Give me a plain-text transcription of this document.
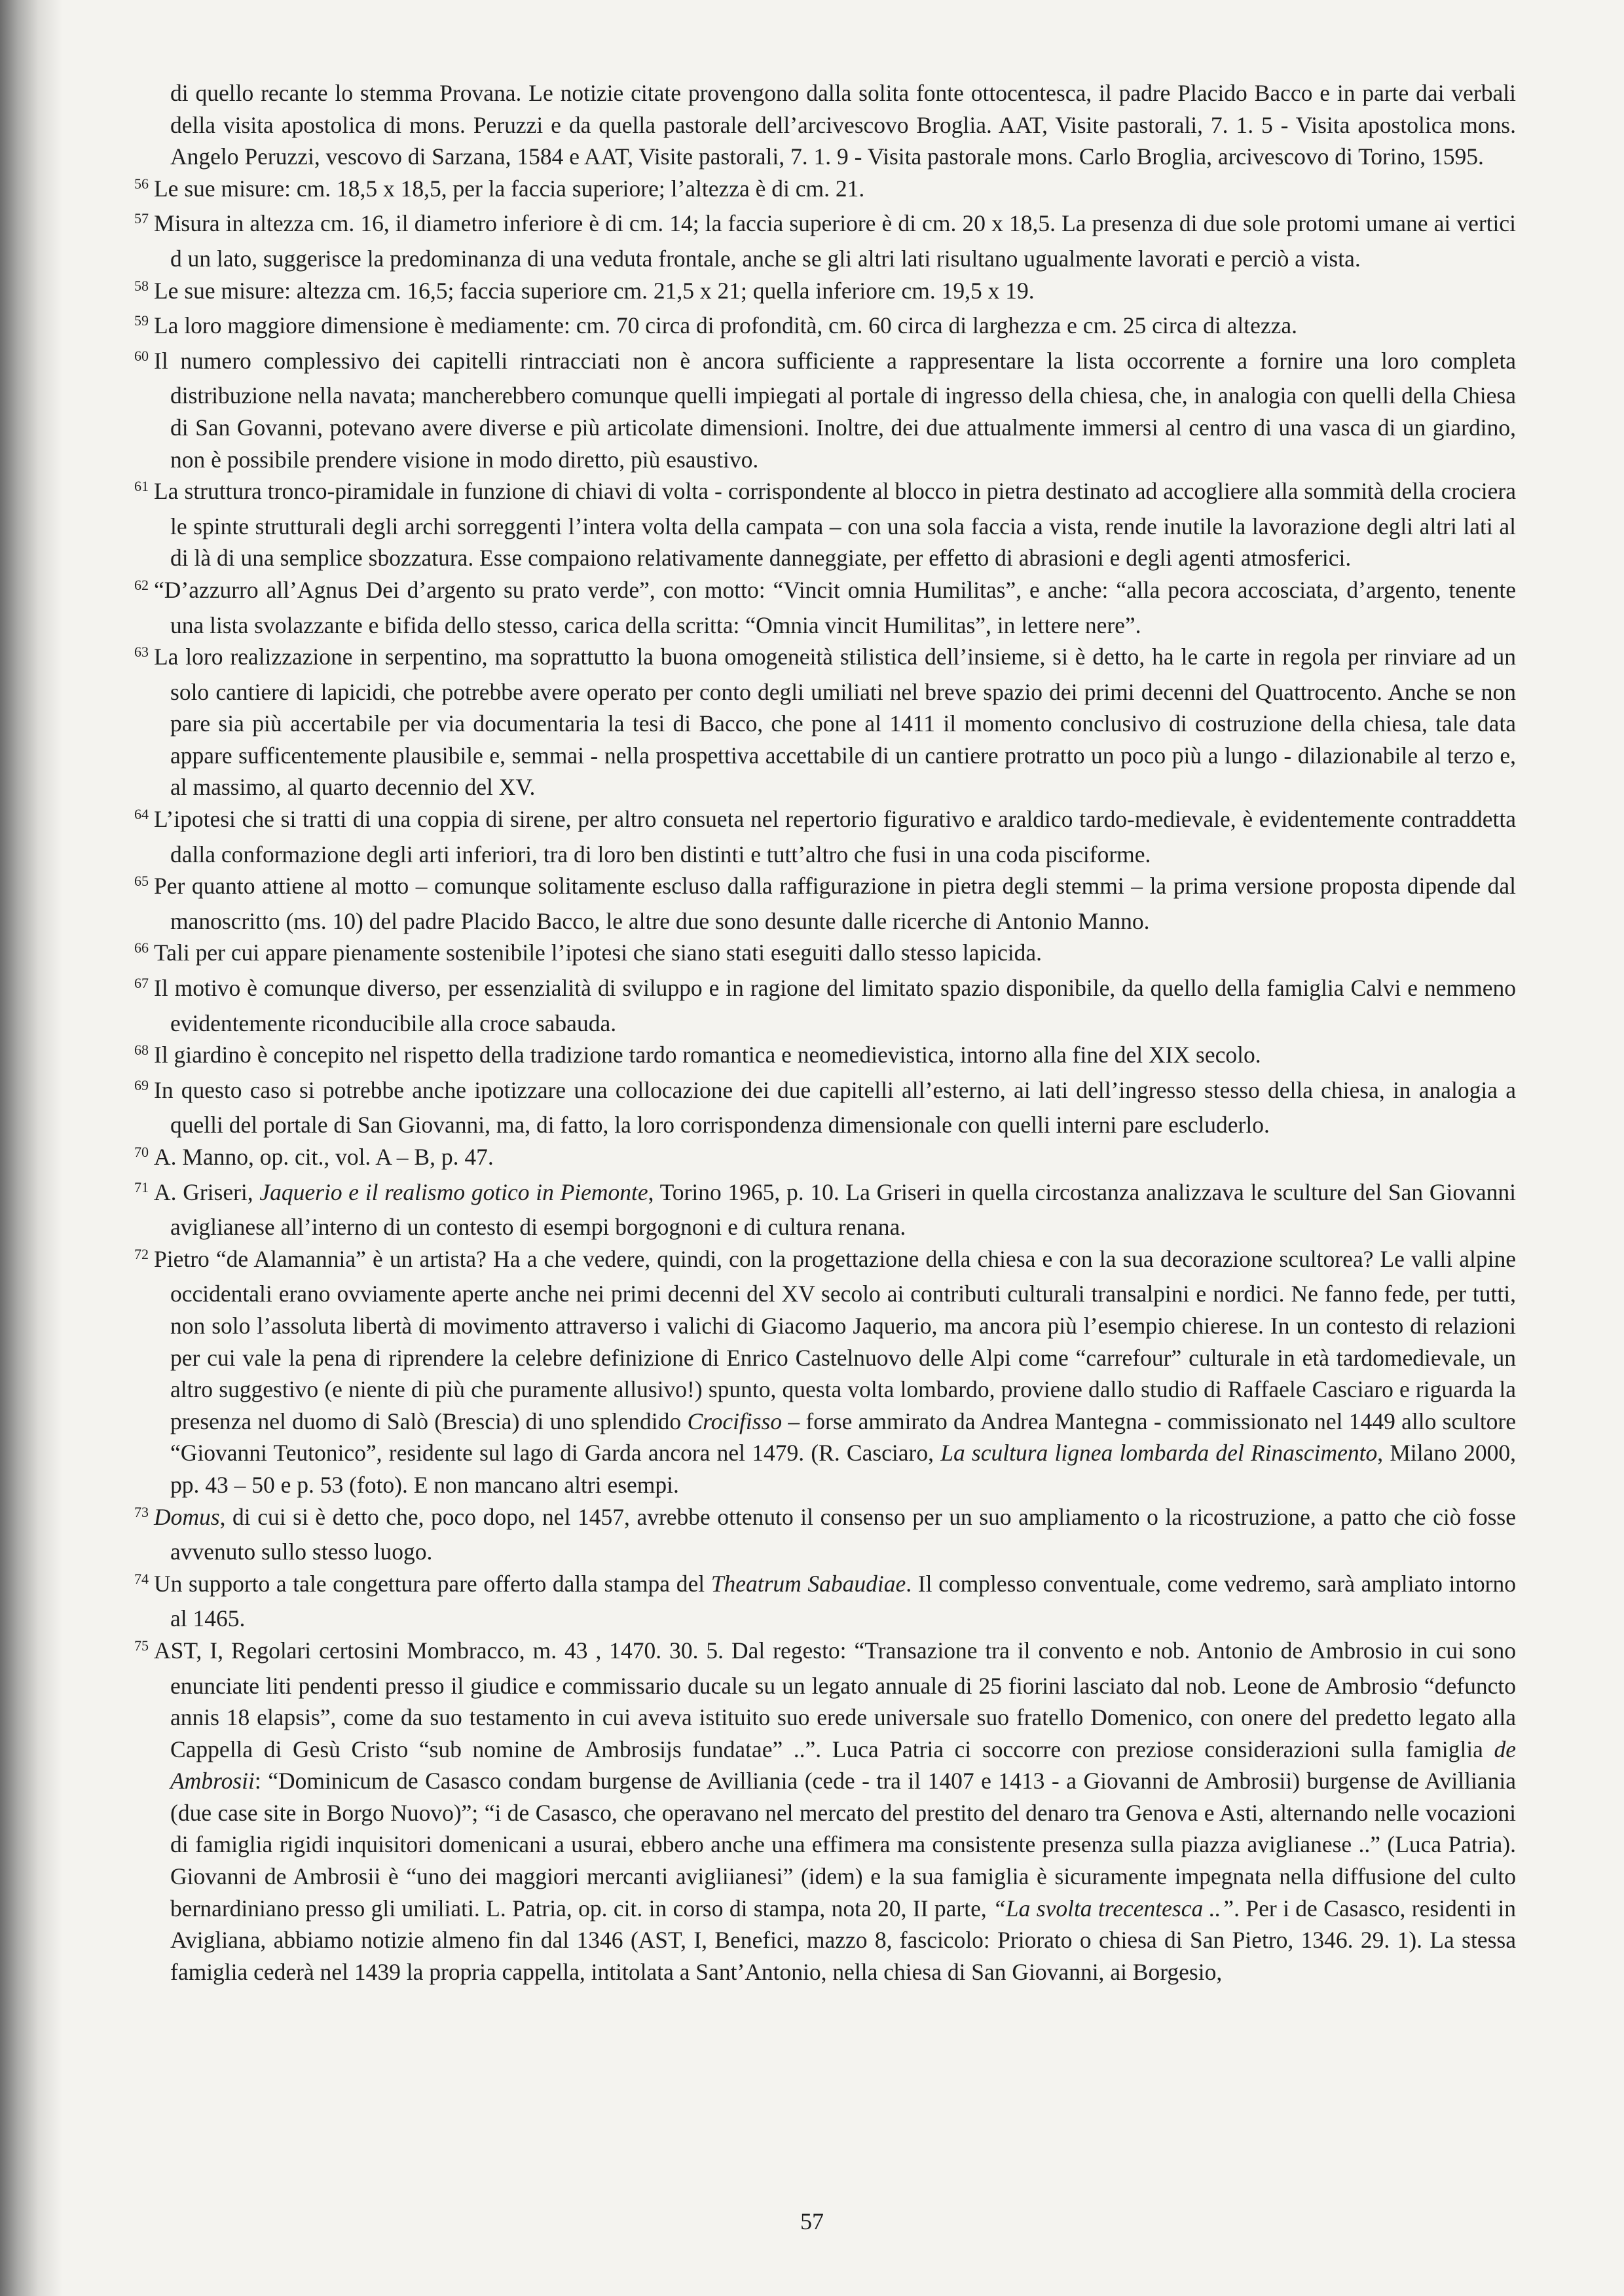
di quello recante lo stemma Provana. Le notizie citate provengono dalla solita fonte ottocentesca, il padre Placido Bacco e in parte dai verbali della visita apostolica di mons. Peruzzi e da quella pastorale dell’arcivescovo Broglia. AAT, Visite pastorali, 7. 1. 5 - Visita apostolica mons. Angelo Peruzzi, vescovo di Sarzana, 1584 e AAT, Visite pastorali, 7. 1. 9 - Visita pastorale mons. Carlo Broglia, arcivescovo di Torino, 1595.

$^{56}$ Le sue misure: cm. 18,5 x 18,5, per la faccia superiore; l’altezza è di cm. 21.

$^{57}$ Misura in altezza cm. 16, il diametro inferiore è di cm. 14; la faccia superiore è di cm. 20 x 18,5. La presenza di due sole protomi umane ai vertici d un lato, suggerisce la predominanza di una veduta frontale, anche se gli altri lati risultano ugualmente lavorati e perciò a vista.

$^{58}$ Le sue misure: altezza cm. 16,5; faccia superiore cm. 21,5 x 21; quella inferiore cm. 19,5 x 19.

$^{59}$ La loro maggiore dimensione è mediamente: cm. 70 circa di profondità, cm. 60 circa di larghezza e cm. 25 circa di altezza.

$^{60}$ Il numero complessivo dei capitelli rintracciati non è ancora sufficiente a rappresentare la lista occorrente a fornire una loro completa distribuzione nella navata; mancherebbero comunque quelli impiegati al portale di ingresso della chiesa, che, in analogia con quelli della Chiesa di San Govanni, potevano avere diverse e più articolate dimensioni. Inoltre, dei due attualmente immersi al centro di una vasca di un giardino, non è possibile prendere visione in modo diretto, più esaustivo.

$^{61}$ La struttura tronco-piramidale in funzione di chiavi di volta - corrispondente al blocco in pietra destinato ad accogliere alla sommità della crociera le spinte strutturali degli archi sorreggenti l’intera volta della campata – con una sola faccia a vista, rende inutile la lavorazione degli altri lati al di là di una semplice sbozzatura. Esse compaiono relativamente danneggiate, per effetto di abrasioni e degli agenti atmosferici.

$^{62}$ “D’azzurro all’Agnus Dei d’argento su prato verde”, con motto: “Vincit omnia Humilitas”, e anche: “alla pecora accosciata, d’argento, tenente una lista svolazzante e bifida dello stesso, carica della scritta: “Omnia vincit Humilitas”, in lettere nere”.

$^{63}$ La loro realizzazione in serpentino, ma soprattutto la buona omogeneità stilistica dell’insieme, si è detto, ha le carte in regola per rinviare ad un solo cantiere di lapicidi, che potrebbe avere operato per conto degli umiliati nel breve spazio dei primi decenni del Quattrocento. Anche se non pare sia più accertabile per via documentaria la tesi di Bacco, che pone al 1411 il momento conclusivo di costruzione della chiesa, tale data appare sufficentemente plausibile e, semmai - nella prospettiva accettabile di un cantiere protratto un poco più a lungo - dilazionabile al terzo e, al massimo, al quarto decennio del XV.

$^{64}$ L’ipotesi che si tratti di una coppia di sirene, per altro consueta nel repertorio figurativo e araldico tardo-medievale, è evidentemente contraddetta dalla conformazione degli arti inferiori, tra di loro ben distinti e tutt’altro che fusi in una coda pisciforme.

$^{65}$ Per quanto attiene al motto – comunque solitamente escluso dalla raffigurazione in pietra degli stemmi – la prima versione proposta dipende dal manoscritto (ms. 10) del padre Placido Bacco, le altre due sono desunte dalle ricerche di Antonio Manno.

$^{66}$ Tali per cui appare pienamente sostenibile l’ipotesi che siano stati eseguiti dallo stesso lapicida.

$^{67}$ Il motivo è comunque diverso, per essenzialità di sviluppo e in ragione del limitato spazio disponibile, da quello della famiglia Calvi e nemmeno evidentemente riconducibile alla croce sabauda.

$^{68}$ Il giardino è concepito nel rispetto della tradizione tardo romantica e neomedievistica, intorno alla fine del XIX secolo.

$^{69}$ In questo caso si potrebbe anche ipotizzare una collocazione dei due capitelli all’esterno, ai lati dell’ingresso stesso della chiesa, in analogia a quelli del portale di San Giovanni, ma, di fatto, la loro corrispondenza dimensionale con quelli interni pare escluderlo.

$^{70}$ A. Manno, op. cit., vol. A – B, p. 47.

$^{71}$ A. Griseri, Jaquerio e il realismo gotico in Piemonte, Torino 1965, p. 10. La Griseri in quella circostanza analizzava le sculture del San Giovanni aviglianese all’interno di un contesto di esempi borgognoni e di cultura renana.

$^{72}$ Pietro “de Alamannia” è un artista? Ha a che vedere, quindi, con la progettazione della chiesa e con la sua decorazione scultorea? Le valli alpine occidentali erano ovviamente aperte anche nei primi decenni del XV secolo ai contributi culturali transalpini e nordici. Ne fanno fede, per tutti, non solo l’assoluta libertà di movimento attraverso i valichi di Giacomo Jaquerio, ma ancora più l’esempio chierese. In un contesto di relazioni per cui vale la pena di riprendere la celebre definizione di Enrico Castelnuovo delle Alpi come “carrefour” culturale in età tardomedievale, un altro suggestivo (e niente di più che puramente allusivo!) spunto, questa volta lombardo, proviene dallo studio di Raffaele Casciaro e riguarda la presenza nel duomo di Salò (Brescia) di uno splendido Crocifisso – forse ammirato da Andrea Mantegna - commissionato nel 1449 allo scultore “Giovanni Teutonico”, residente sul lago di Garda ancora nel 1479. (R. Casciaro, La scultura lignea lombarda del Rinascimento, Milano 2000, pp. 43 – 50 e p. 53 (foto). E non mancano altri esempi.

$^{73}$ Domus, di cui si è detto che, poco dopo, nel 1457, avrebbe ottenuto il consenso per un suo ampliamento o la ricostruzione, a patto che ciò fosse avvenuto sullo stesso luogo.

$^{74}$ Un supporto a tale congettura pare offerto dalla stampa del Theatrum Sabaudiae. Il complesso conventuale, come vedremo, sarà ampliato intorno al 1465.

$^{75}$ AST, I, Regolari certosini Mombracco, m. 43 , 1470. 30. 5. Dal regesto: “Transazione tra il convento e nob. Antonio de Ambrosio in cui sono enunciate liti pendenti presso il giudice e commissario ducale su un legato annuale di 25 fiorini lasciato dal nob. Leone de Ambrosio “defuncto annis 18 elapsis”, come da suo testamento in cui aveva istituito suo erede universale suo fratello Domenico, con onere del predetto legato alla Cappella di Gesù Cristo “sub nomine de Ambrosijs fundatae” ..”. Luca Patria ci soccorre con preziose considerazioni sulla famiglia de Ambrosii: “Dominicum de Casasco condam burgense de Avilliania (cede - tra il 1407 e 1413 - a Giovanni de Ambrosii) burgense de Avilliania (due case site in Borgo Nuovo)”; “i de Casasco, che operavano nel mercato del prestito del denaro tra Genova e Asti, alternando nelle vocazioni di famiglia rigidi inquisitori domenicani a usurai, ebbero anche una effimera ma consistente presenza sulla piazza aviglianese ..” (Luca Patria). Giovanni de Ambrosii è “uno dei maggiori mercanti avigliianesi” (idem) e la sua famiglia è sicuramente impegnata nella diffusione del culto bernardiniano presso gli umiliati. L. Patria, op. cit. in corso di stampa, nota 20, II parte, “La svolta trecentesca ..”. Per i de Casasco, residenti in Avigliana, abbiamo notizie almeno fin dal 1346 (AST, I, Benefici, mazzo 8, fascicolo: Priorato o chiesa di San Pietro, 1346. 29. 1). La stessa famiglia cederà nel 1439 la propria cappella, intitolata a Sant’Antonio, nella chiesa di San Giovanni, ai Borgesio,

57
